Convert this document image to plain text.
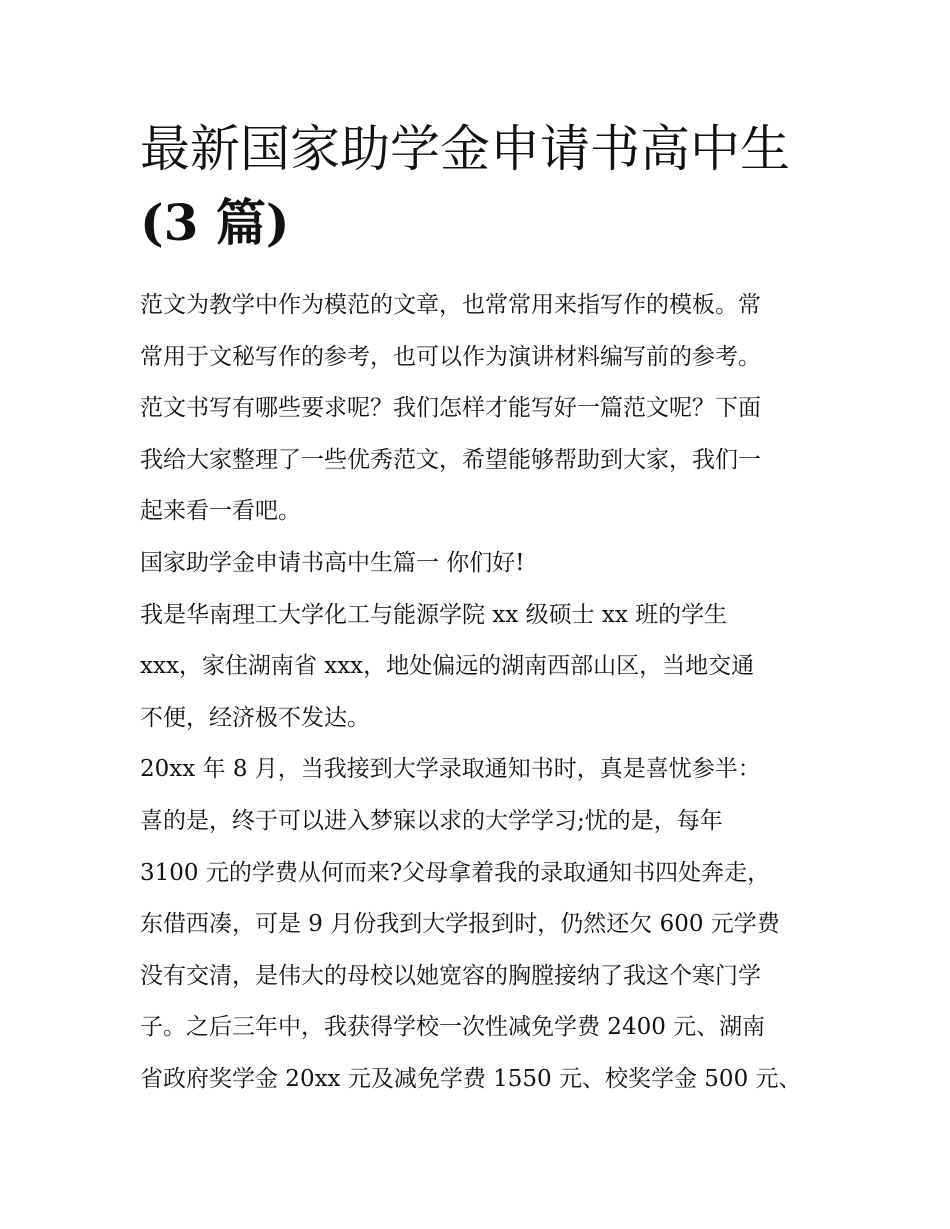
最新国家助学金申请书高中生
(3 篇)
范文为教学中作为模范的文章，也常常用来指写作的模板。常
常用于文秘写作的参考，也可以作为演讲材料编写前的参考。
范文书写有哪些要求呢？我们怎样才能写好一篇范文呢？下面
我给大家整理了一些优秀范文，希望能够帮助到大家，我们一
起来看一看吧。
国家助学金申请书高中生篇一 你们好!
我是华南理工大学化工与能源学院 xx 级硕士 xx 班的学生
xxx，家住湖南省 xxx，地处偏远的湖南西部山区，当地交通
不便，经济极不发达。
20xx 年 8 月，当我接到大学录取通知书时，真是喜忧参半：
喜的是，终于可以进入梦寐以求的大学学习;忧的是，每年
3100 元的学费从何而来?父母拿着我的录取通知书四处奔走，
东借西凑，可是 9 月份我到大学报到时，仍然还欠 600 元学费
没有交清，是伟大的母校以她宽容的胸膛接纳了我这个寒门学
子。之后三年中，我获得学校一次性减免学费 2400 元、湖南
省政府奖学金 20xx 元及减免学费 1550 元、校奖学金 500 元、
